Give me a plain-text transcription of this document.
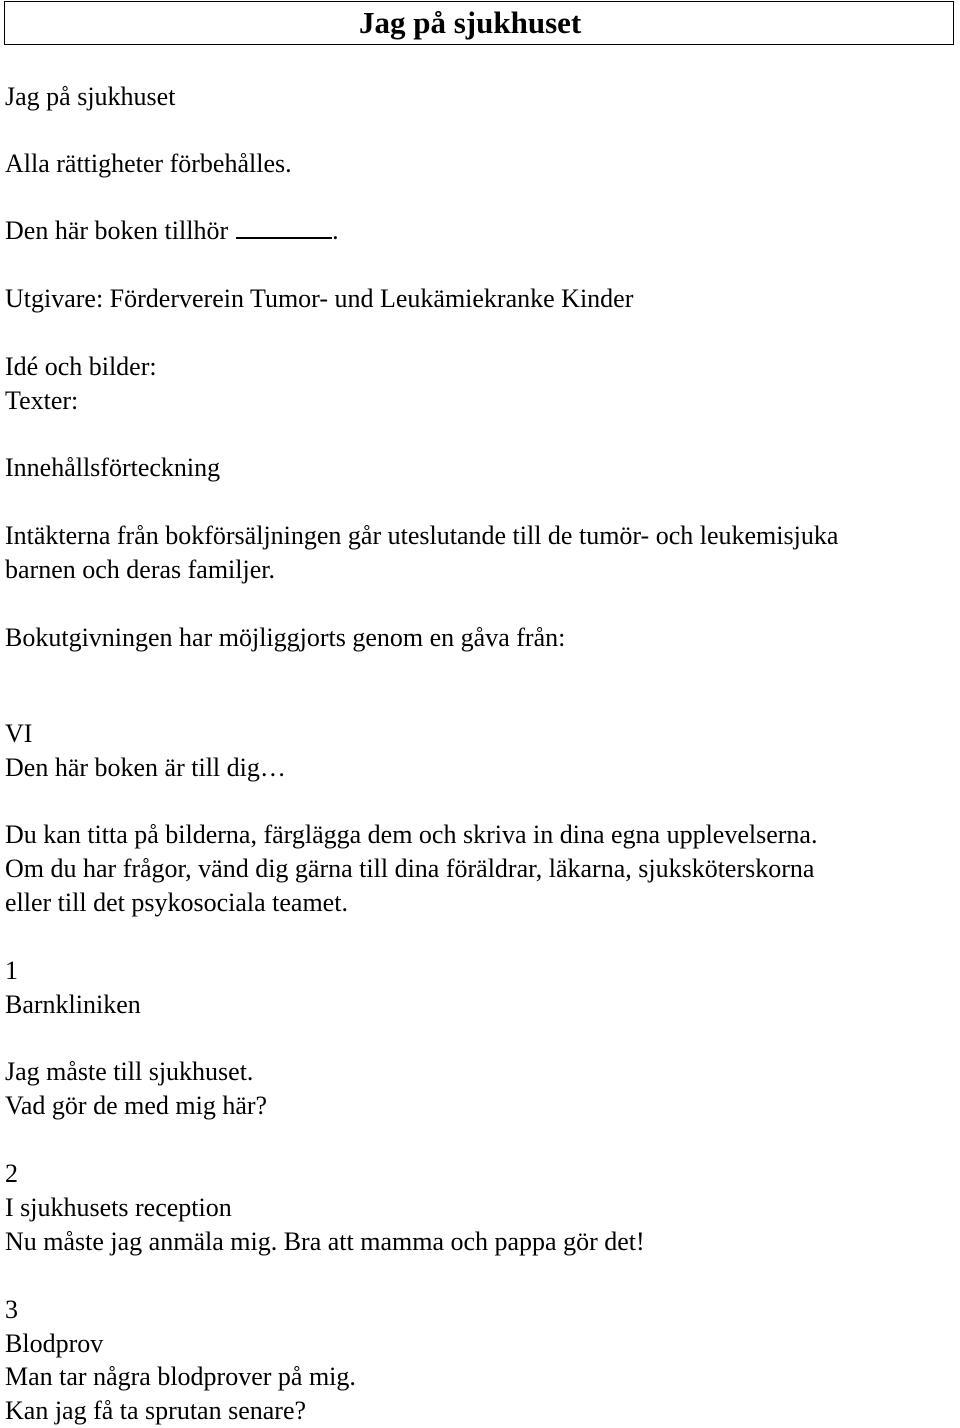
Jag på sjukhuset
Jag på sjukhuset
Alla rättigheter förbehålles.
Den här boken tillhör	.
Utgivare: Förderverein Tumor- und Leukämiekranke Kinder
Idé och bilder:
Texter:
Innehållsförteckning
Intäkterna från bokförsäljningen går uteslutande till de tumör- och leukemisjuka
barnen och deras familjer.
Bokutgivningen har möjliggjorts genom en gåva från:
VI
Den här boken är till dig…
Du kan titta på bilderna, färglägga dem och skriva in dina egna upplevelserna.
Om du har frågor, vänd dig gärna till dina föräldrar, läkarna, sjuksköterskorna
eller till det psykosociala teamet.
1
Barnkliniken
Jag måste till sjukhuset.
Vad gör de med mig här?
2
I sjukhusets reception
Nu måste jag anmäla mig. Bra att mamma och pappa gör det!
3
Blodprov
Man tar några blodprover på mig.
Kan jag få ta sprutan senare?
